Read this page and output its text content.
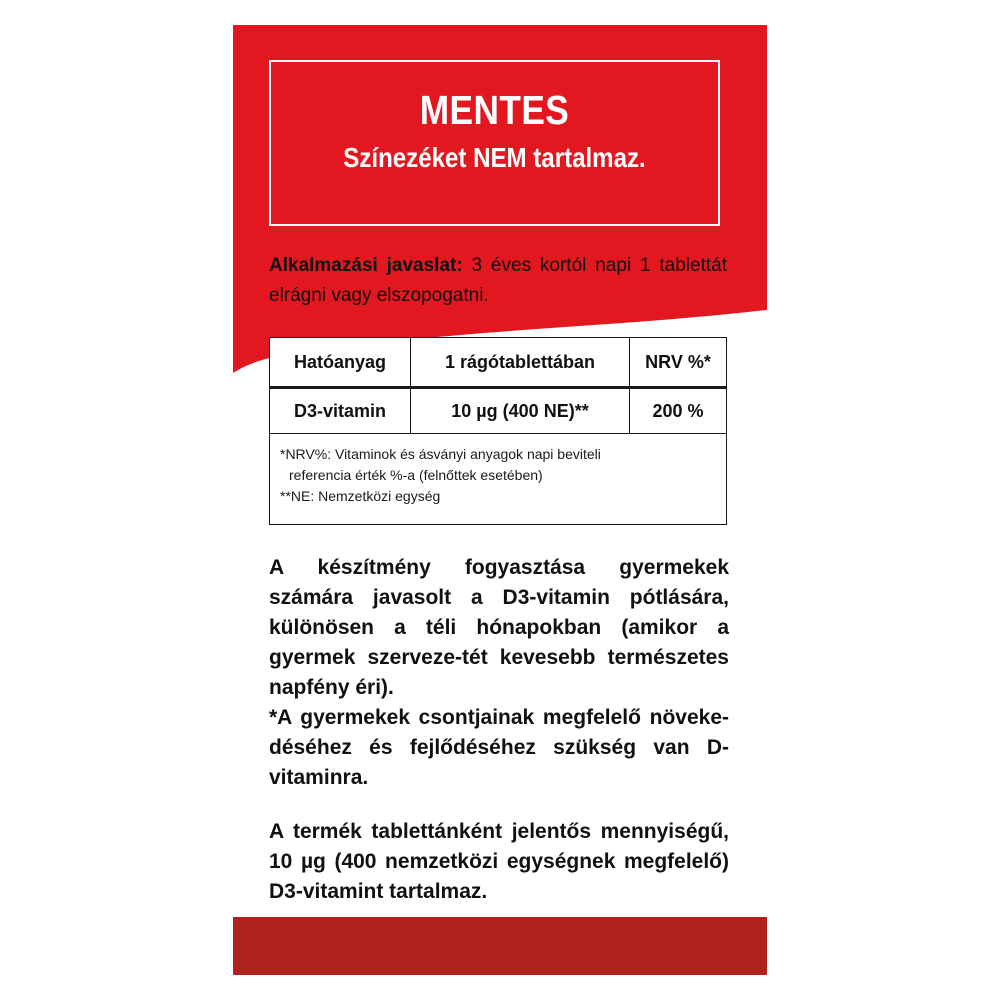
MENTES
Színezéket NEM tartalmaz.
Alkalmazási javaslat: 3 éves kortól napi 1 tablettát elrágni vagy elszopogatni.
Hatóanyag	1 rágótablettában	NRV %*
D3-vitamin	10 µg (400 NE)**	200 %
*NRV%: Vitaminok és ásványi anyagok napi beviteli
referencia érték %-a (felnőttek esetében)
**NE: Nemzetközi egység
A készítmény fogyasztása gyermekek számára javasolt a D3-vitamin pótlására, különösen a téli hónapokban (amikor a gyermek szerveze-tét kevesebb természetes napfény éri).
*A gyermekek csontjainak megfelelő növeke-déséhez és fejlődéséhez szükség van D-vitaminra.
A termék tablettánként jelentős mennyiségű, 10 µg (400 nemzetközi egységnek megfelelő) D3-vitamint tartalmaz.
